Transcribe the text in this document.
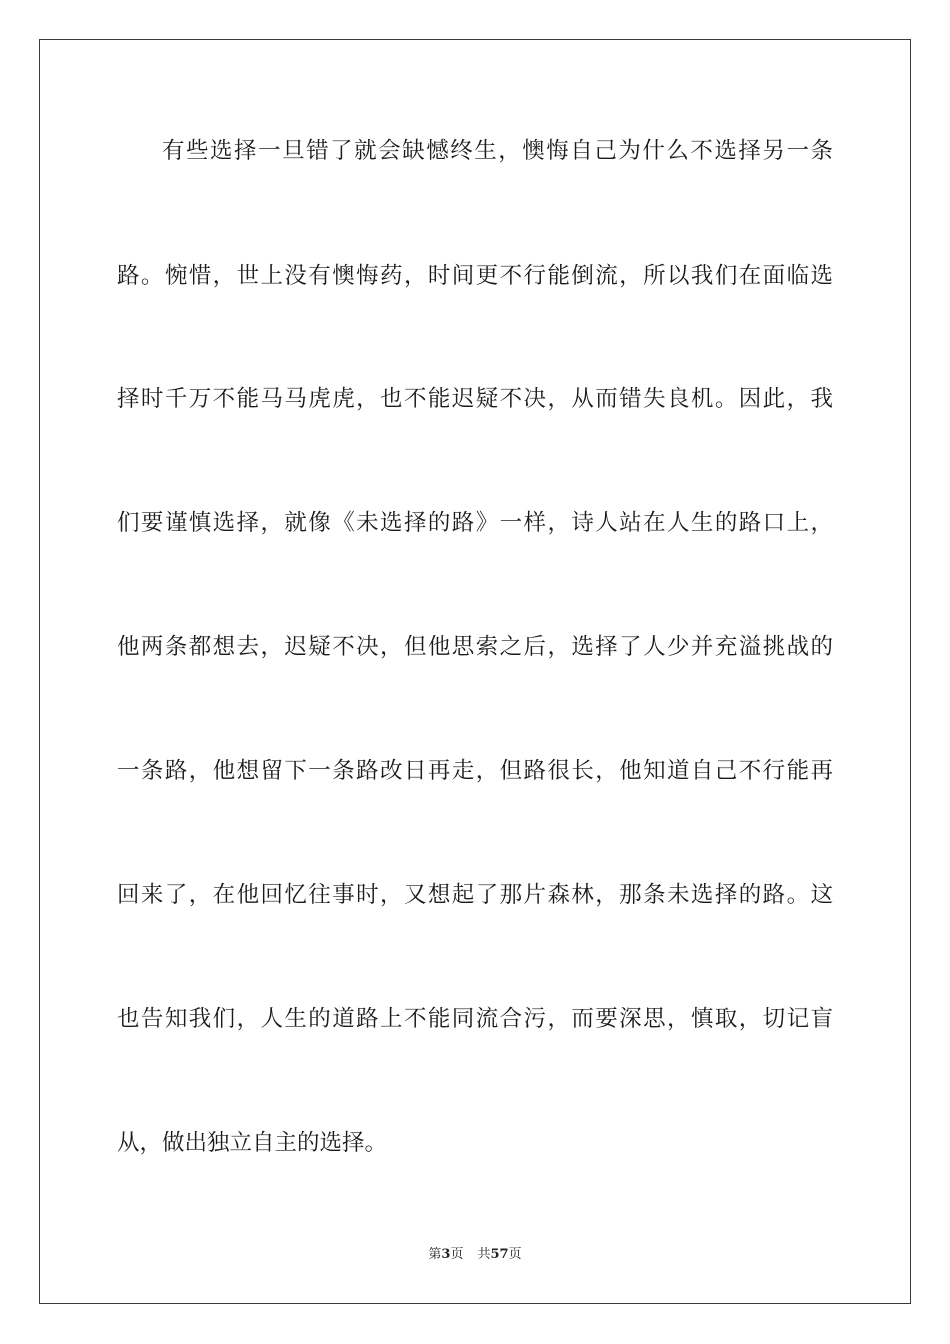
有些选择一旦错了就会缺憾终生，懊悔自己为什么不选择另一条
路。惋惜，世上没有懊悔药，时间更不行能倒流，所以我们在面临选
择时千万不能马马虎虎，也不能迟疑不决，从而错失良机。因此，我
们要谨慎选择，就像《未选择的路》一样，诗人站在人生的路口上，
他两条都想去，迟疑不决，但他思索之后，选择了人少并充溢挑战的
一条路，他想留下一条路改日再走，但路很长，他知道自己不行能再
回来了，在他回忆往事时，又想起了那片森林，那条未选择的路。这
也告知我们，人生的道路上不能同流合污，而要深思，慎取，切记盲
从，做出独立自主的选择。
第3页 共57页
